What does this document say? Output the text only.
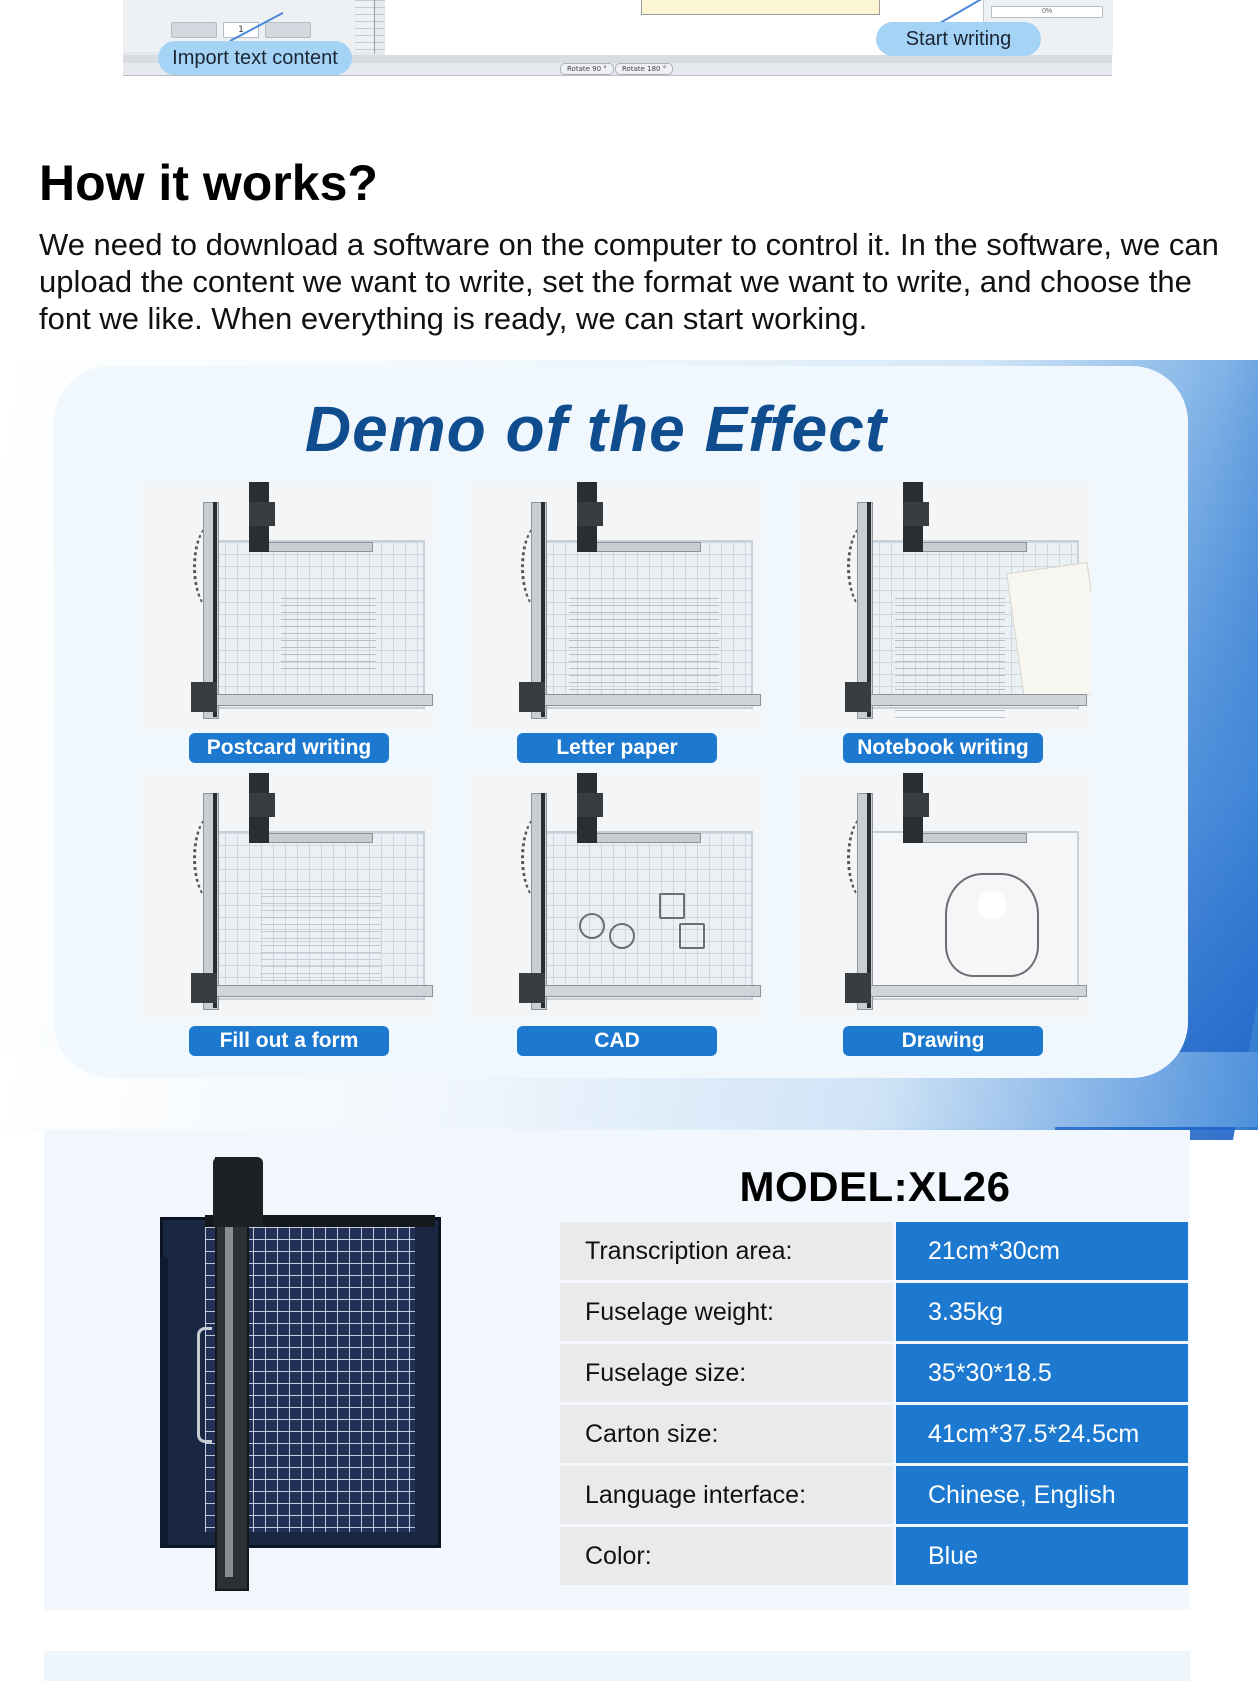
1
0%
Rotate 90 °	Rotate 180 °
Import text content
Start writing
How it works?

We need to download a software on the computer to control it. In the software, we can upload the content we want to write, set the format we want to write, and choose the font we like. When everything is ready, we can start working.

Demo of the Effect
Postcard writing	Letter paper	Notebook writing
Fill out a form	CAD	Drawing
MODEL:XL26
Transcription area:	21cm*30cm
Fuselage weight:	3.35kg
Fuselage size:	35*30*18.5
Carton size:	41cm*37.5*24.5cm
Language interface:	Chinese, English
Color:	Blue
